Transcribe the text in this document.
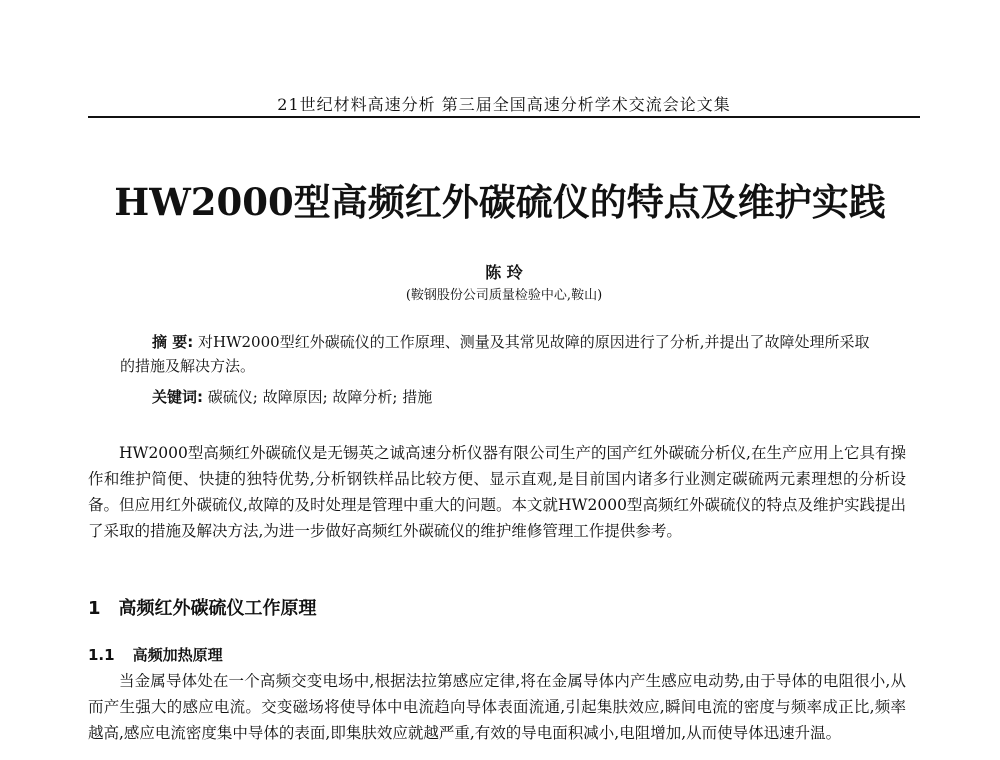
21世纪材料高速分析 第三届全国高速分析学术交流会论文集
HW2000型高频红外碳硫仪的特点及维护实践
陈 玲
(鞍钢股份公司质量检验中心,鞍山)
摘 要: 对HW2000型红外碳硫仪的工作原理、测量及其常见故障的原因进行了分析,并提出了故障处理所采取的措施及解决方法。
关键词: 碳硫仪; 故障原因; 故障分析; 措施
HW2000型高频红外碳硫仪是无锡英之诚高速分析仪器有限公司生产的国产红外碳硫分析仪,在生产应用上它具有操作和维护简便、快捷的独特优势,分析钢铁样品比较方便、显示直观,是目前国内诸多行业测定碳硫两元素理想的分析设备。但应用红外碳硫仪,故障的及时处理是管理中重大的问题。本文就HW2000型高频红外碳硫仪的特点及维护实践提出了采取的措施及解决方法,为进一步做好高频红外碳硫仪的维护维修管理工作提供参考。
1 高频红外碳硫仪工作原理
1.1 高频加热原理
当金属导体处在一个高频交变电场中,根据法拉第感应定律,将在金属导体内产生感应电动势,由于导体的电阻很小,从而产生强大的感应电流。交变磁场将使导体中电流趋向导体表面流通,引起集肤效应,瞬间电流的密度与频率成正比,频率越高,感应电流密度集中导体的表面,即集肤效应就越严重,有效的导电面积减小,电阻增加,从而使导体迅速升温。
